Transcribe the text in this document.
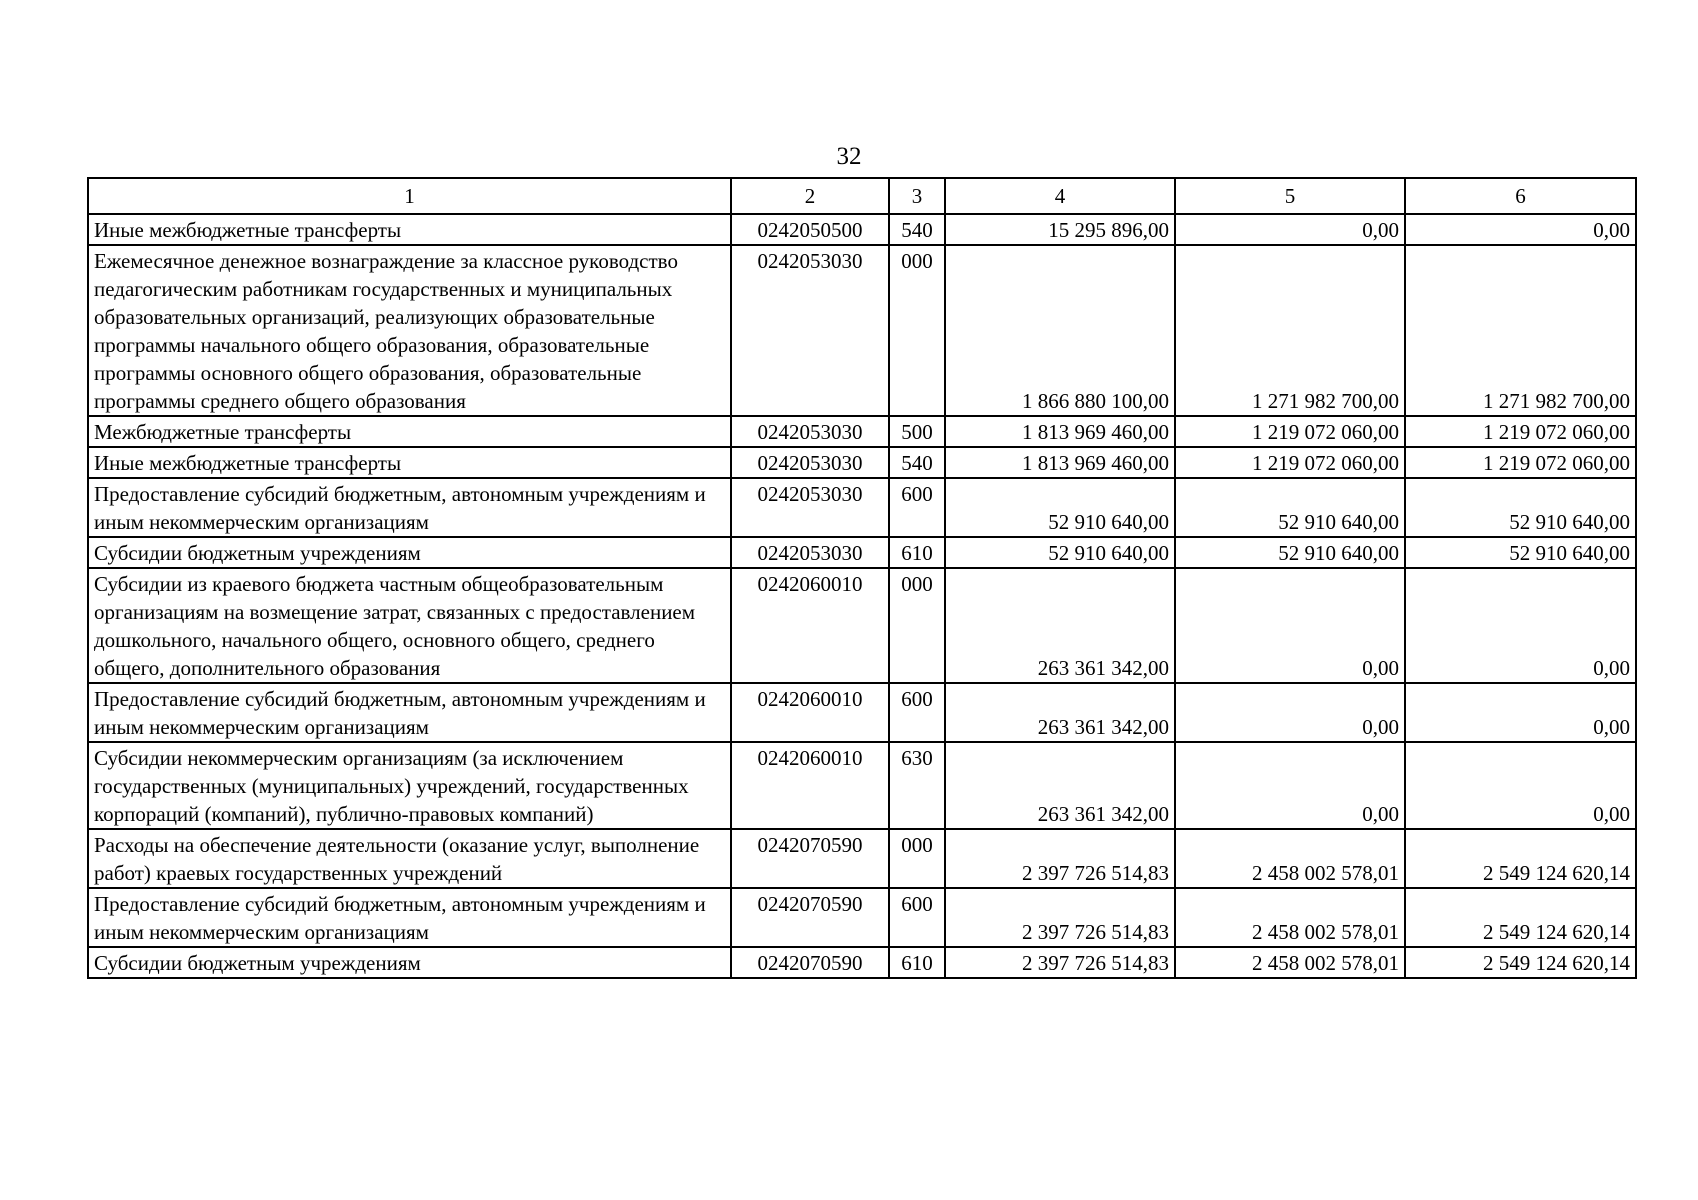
32
1	2	3	4	5	6
Иные межбюджетные трансферты	0242050500	540	15 295 896,00	0,00	0,00
Ежемесячное денежное вознаграждение за классное руководство педагогическим работникам государственных и муниципальных образовательных организаций, реализующих образовательные программы начального общего образования, образовательные программы основного общего образования, образовательные программы среднего общего образования	0242053030	000	1 866 880 100,00	1 271 982 700,00	1 271 982 700,00
Межбюджетные трансферты	0242053030	500	1 813 969 460,00	1 219 072 060,00	1 219 072 060,00
Иные межбюджетные трансферты	0242053030	540	1 813 969 460,00	1 219 072 060,00	1 219 072 060,00
Предоставление субсидий бюджетным, автономным учреждениям и иным некоммерческим организациям	0242053030	600	52 910 640,00	52 910 640,00	52 910 640,00
Субсидии бюджетным учреждениям	0242053030	610	52 910 640,00	52 910 640,00	52 910 640,00
Субсидии из краевого бюджета частным общеобразовательным организациям на возмещение затрат, связанных с предоставлением дошкольного, начального общего, основного общего, среднего общего, дополнительного образования	0242060010	000	263 361 342,00	0,00	0,00
Предоставление субсидий бюджетным, автономным учреждениям и иным некоммерческим организациям	0242060010	600	263 361 342,00	0,00	0,00
Субсидии некоммерческим организациям (за исключением государственных (муниципальных) учреждений, государственных корпораций (компаний), публично-правовых компаний)	0242060010	630	263 361 342,00	0,00	0,00
Расходы на обеспечение деятельности (оказание услуг, выполнение работ) краевых государственных учреждений	0242070590	000	2 397 726 514,83	2 458 002 578,01	2 549 124 620,14
Предоставление субсидий бюджетным, автономным учреждениям и иным некоммерческим организациям	0242070590	600	2 397 726 514,83	2 458 002 578,01	2 549 124 620,14
Субсидии бюджетным учреждениям	0242070590	610	2 397 726 514,83	2 458 002 578,01	2 549 124 620,14
